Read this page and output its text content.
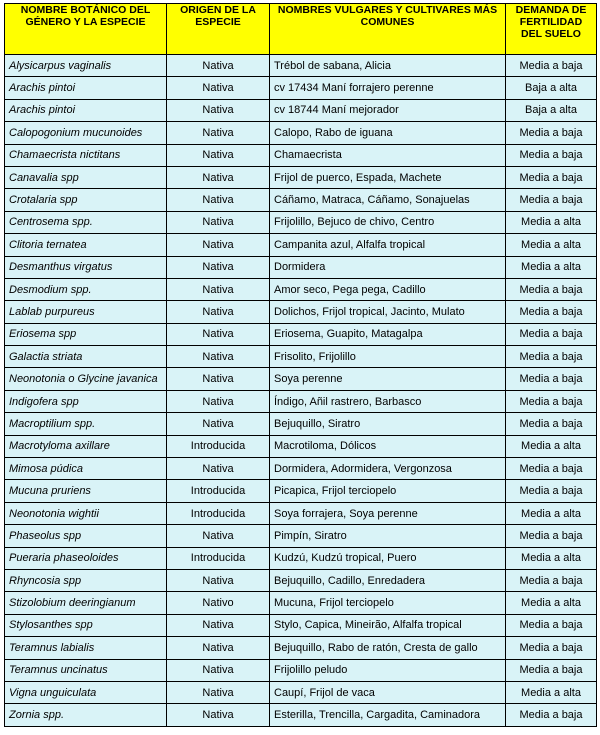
NOMBRE BOTÁNICO DEL GÉNERO Y LA ESPECIE	ORIGEN DE LA ESPECIE	NOMBRES VULGARES Y CULTIVARES MÁS COMUNES	DEMANDA DE FERTILIDAD DEL SUELO
Alysicarpus vaginalis	Nativa	Trébol de sabana, Alicia	Media a baja
Arachis pintoi	Nativa	cv 17434 Maní forrajero perenne	Baja a alta
Arachis pintoi	Nativa	cv 18744 Maní mejorador	Baja a alta
Calopogonium mucunoides	Nativa	Calopo, Rabo de iguana	Media a baja
Chamaecrista nictitans	Nativa	Chamaecrista	Media a baja
Canavalia spp	Nativa	Frijol de puerco, Espada, Machete	Media a baja
Crotalaria spp	Nativa	Cáñamo, Matraca, Cáñamo, Sonajuelas	Media a baja
Centrosema spp.	Nativa	Frijolillo, Bejuco de chivo, Centro	Media a alta
Clitoria ternatea	Nativa	Campanita azul, Alfalfa tropical	Media a alta
Desmanthus virgatus	Nativa	Dormidera	Media a alta
Desmodium spp.	Nativa	Amor seco, Pega pega, Cadillo	Media a baja
Lablab purpureus	Nativa	Dolichos, Frijol tropical, Jacinto, Mulato	Media a baja
Eriosema spp	Nativa	Eriosema, Guapito, Matagalpa	Media a baja
Galactia striata	Nativa	Frisolito, Frijolillo	Media a baja
Neonotonia o Glycine javanica	Nativa	Soya perenne	Media a baja
Indigofera spp	Nativa	Índigo, Añil rastrero, Barbasco	Media a baja
Macroptilium spp.	Nativa	Bejuquillo, Siratro	Media a baja
Macrotyloma axillare	Introducida	Macrotiloma, Dólicos	Media a alta
Mimosa púdica	Nativa	Dormidera, Adormidera, Vergonzosa	Media a baja
Mucuna pruriens	Introducida	Picapica, Frijol terciopelo	Media a baja
Neonotonia wightii	Introducida	Soya forrajera, Soya perenne	Media a alta
Phaseolus spp	Nativa	Pimpín, Siratro	Media a baja
Pueraria phaseoloides	Introducida	Kudzú, Kudzú tropical, Puero	Media a alta
Rhyncosia spp	Nativa	Bejuquillo, Cadillo, Enredadera	Media a baja
Stizolobium deeringianum	Nativo	Mucuna, Frijol terciopelo	Media a alta
Stylosanthes spp	Nativa	Stylo, Capica, Mineirão, Alfalfa tropical	Media a baja
Teramnus labialis	Nativa	Bejuquillo, Rabo de ratón, Cresta de gallo	Media a baja
Teramnus uncinatus	Nativa	Frijolillo peludo	Media a baja
Vigna unguiculata	Nativa	Caupí, Frijol de vaca	Media a alta
Zornia spp.	Nativa	Esterilla, Trencilla, Cargadita, Caminadora	Media a baja
